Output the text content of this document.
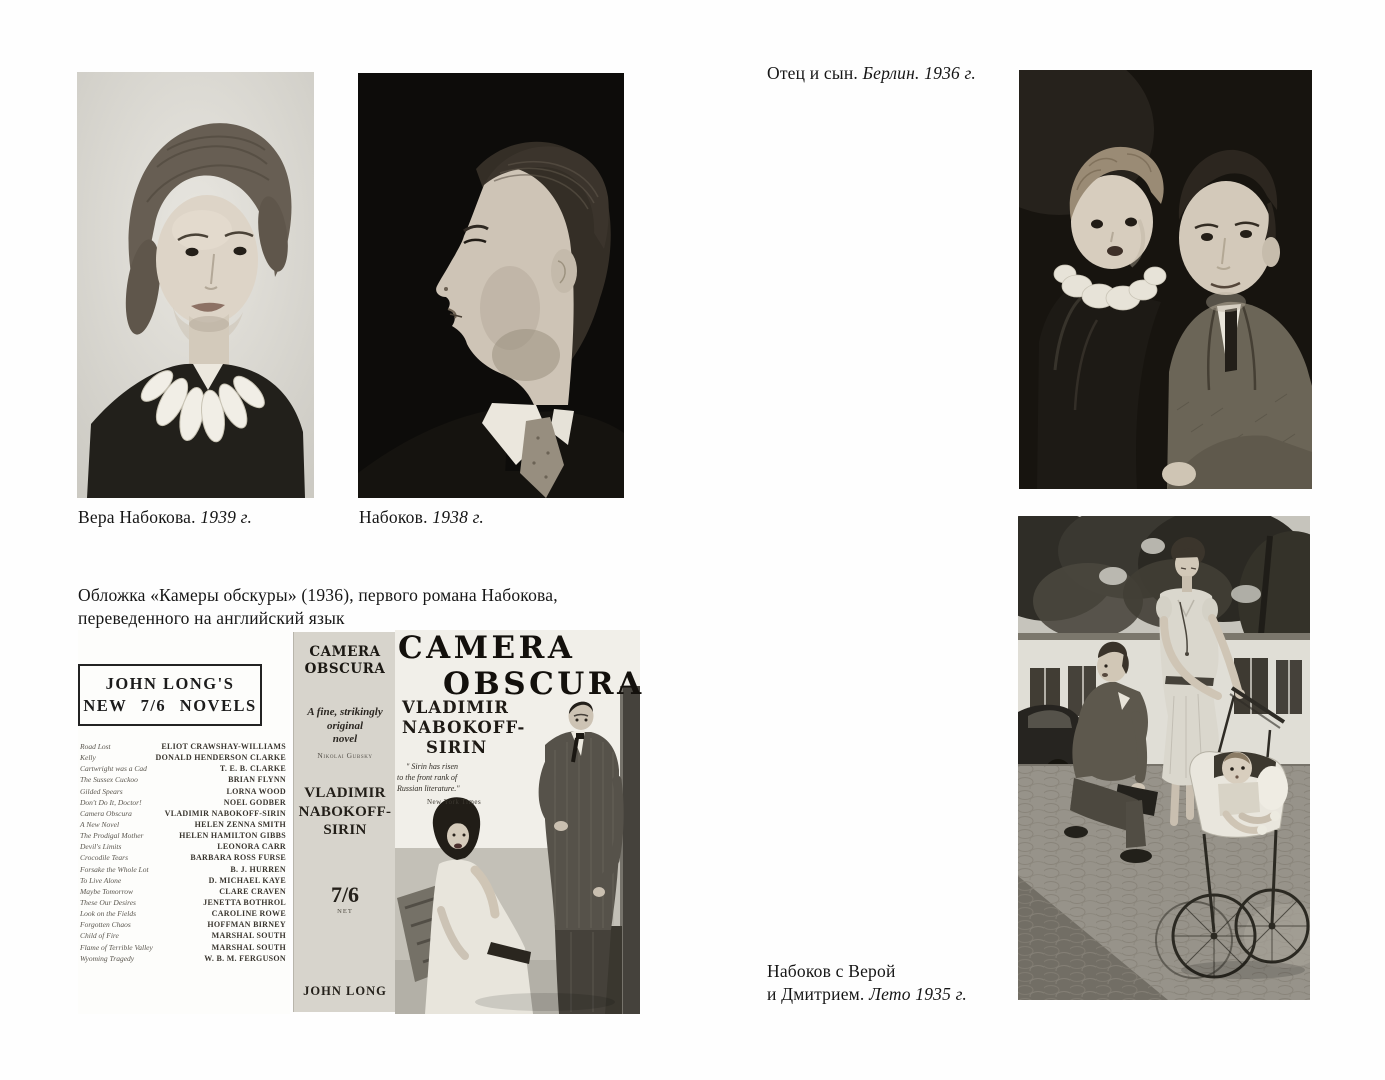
Вера Набокова. 1939 г.	Набоков. 1938 г.
Отец и сын. Берлин. 1936 г.
Обложка «Камеры обскуры» (1936), первого романа Набокова,
переведенного на английский язык
Набоков с Верой
и Дмитрием. Лето 1935 г.
JOHN LONG'S
NEW 7/6 NOVELS
Road Lost	ELIOT CRAWSHAY-WILLIAMS
Kelly	DONALD HENDERSON CLARKE
Cartwright was a Cad	T. E. B. CLARKE
The Sussex Cuckoo	BRIAN FLYNN
Gilded Spears	LORNA WOOD
Don't Do It, Doctor!	NOEL GODBER
Camera Obscura	VLADIMIR NABOKOFF-SIRIN
A New Novel	HELEN ZENNA SMITH
The Prodigal Mother	HELEN HAMILTON GIBBS
Devil's Limits	LEONORA CARR
Crocodile Tears	BARBARA ROSS FURSE
Forsake the Whole Lot	B. J. HURREN
To Live Alone	D. MICHAEL KAYE
Maybe Tomorrow	CLARE CRAVEN
These Our Desires	JENETTA BOTHROL
Look on the Fields	CAROLINE ROWE
Forgotten Chaos	HOFFMAN BIRNEY
Child of Fire	MARSHAL SOUTH
Flame of Terrible Valley	MARSHAL SOUTH
Wyoming Tragedy	W. B. M. FERGUSON
CAMERA
OBSCURA
A fine, strikingly
original
novel
Nikolai Gubsky
VLADIMIR
NABOKOFF-
SIRIN
7/6
NET
JOHN LONG
CAMERA
OBSCURA
VLADIMIR
NABOKOFF-
SIRIN
" Sirin has risen
to the front rank of
Russian literature."
New York Times
